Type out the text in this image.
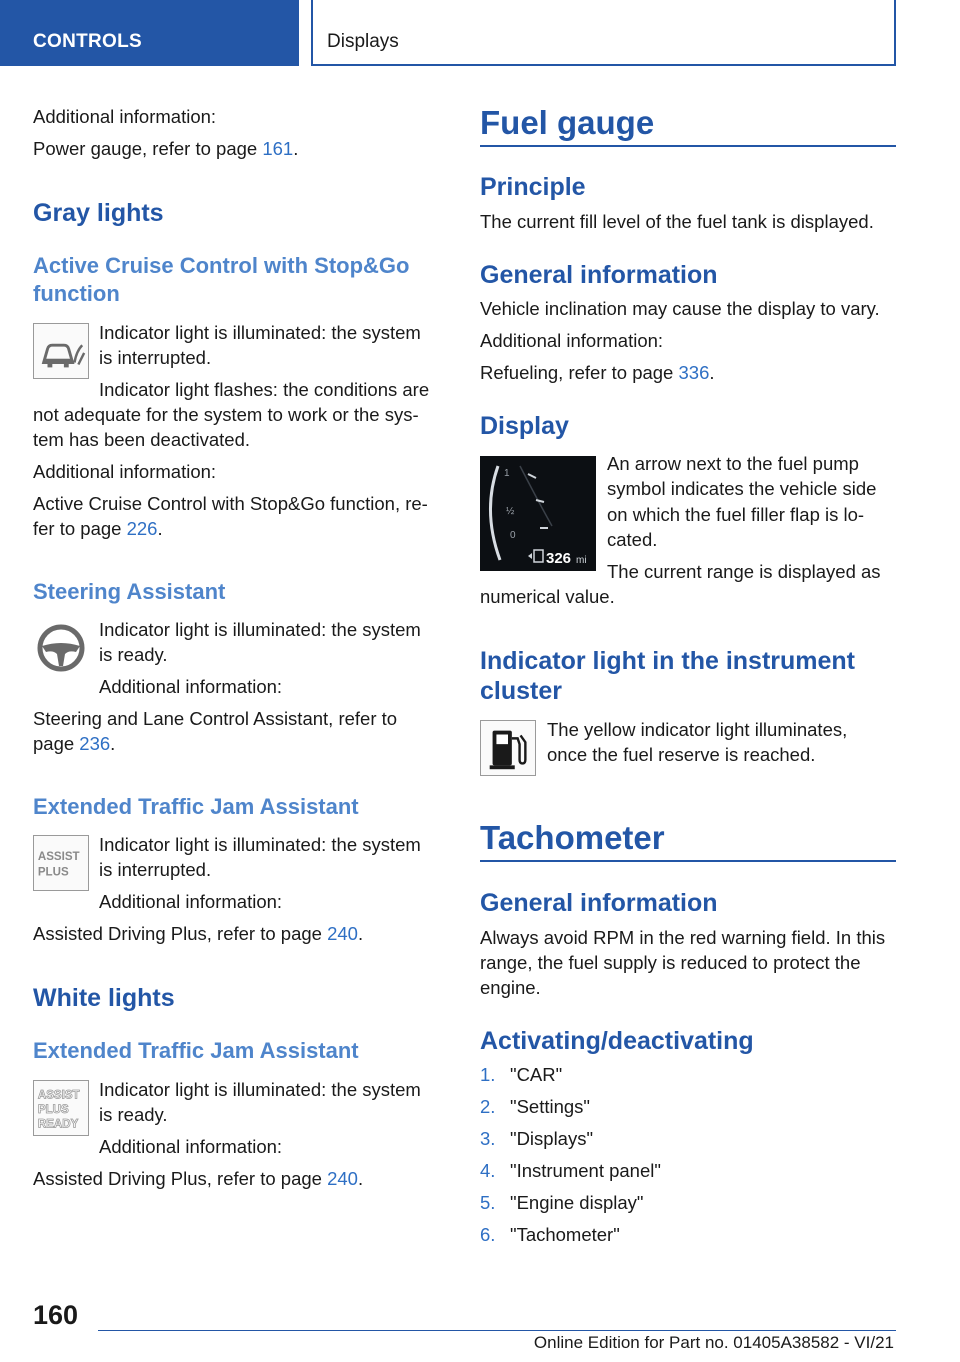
CONTROLS	Displays
Additional information:
Power gauge, refer to page 161.
Gray lights
Active Cruise Control with Stop&Go
function
Indicator light is illuminated: the system
is interrupted.
Indicator light flashes: the conditions are
not adequate for the system to work or the sys‐
tem has been deactivated.
Additional information:
Active Cruise Control with Stop&Go function, re‐
fer to page 226.
Steering Assistant
Indicator light is illuminated: the system
is ready.
Additional information:
Steering and Lane Control Assistant, refer to
page 236.
Extended Traffic Jam Assistant
ASSIST
PLUS
Indicator light is illuminated: the system
is interrupted.
Additional information:
Assisted Driving Plus, refer to page 240.
White lights
Extended Traffic Jam Assistant
ASSIST
PLUS
READY
Indicator light is illuminated: the system
is ready.
Additional information:
Assisted Driving Plus, refer to page 240.
Fuel gauge
Principle
The current fill level of the fuel tank is displayed.
General information
Vehicle inclination may cause the display to vary.
Additional information:
Refueling, refer to page 336.
Display
1
½
0
326 mi
An arrow next to the fuel pump
symbol indicates the vehicle side
on which the fuel filler flap is lo‐
cated.
The current range is displayed as
numerical value.
Indicator light in the instrument
cluster
The yellow indicator light illuminates,
once the fuel reserve is reached.
Tachometer
General information
Always avoid RPM in the red warning field. In this
range, the fuel supply is reduced to protect the
engine.
Activating/deactivating
1. "CAR"
2. "Settings"
3. "Displays"
4. "Instrument panel"
5. "Engine display"
6. "Tachometer"
160
Online Edition for Part no. 01405A38582 - VI/21
